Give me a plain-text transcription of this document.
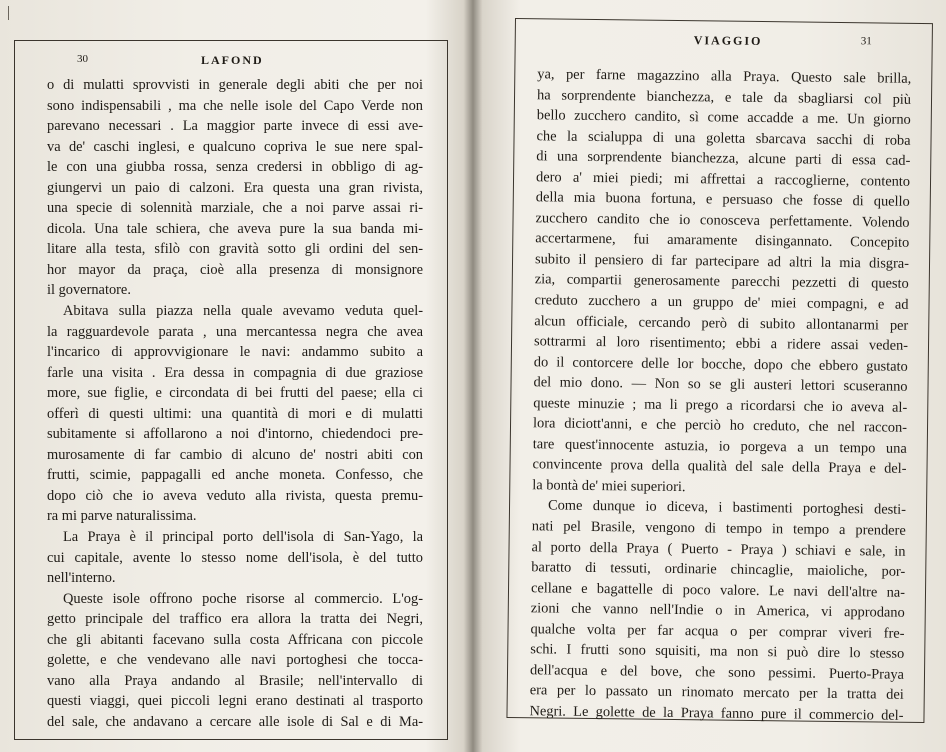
30	LAFOND
o di mulatti sprovvisti in generale degli abiti che per noi
sono indispensabili , ma che nelle isole del Capo Verde non
parevano necessari . La maggior parte invece di essi ave-
va de' caschi inglesi, e qualcuno copriva le sue nere spal-
le con una giubba rossa, senza credersi in obbligo di ag-
giungervi un paio di calzoni. Era questa una gran rivista,
una specie di solennità marziale, che a noi parve assai ri-
dicola. Una tale schiera, che aveva pure la sua banda mi-
litare alla testa, sfilò con gravità sotto gli ordini del sen-
hor mayor da praça, cioè alla presenza di monsignore
il governatore.
Abitava sulla piazza nella quale avevamo veduta quel-
la ragguardevole parata , una mercantessa negra che avea
l'incarico di approvvigionare le navi: andammo subito a
farle una visita . Era dessa in compagnia di due graziose
more, sue figlie, e circondata di bei frutti del paese; ella ci
offerì di questi ultimi: una quantità di mori e di mulatti
subitamente si affollarono a noi d'intorno, chiedendoci pre-
murosamente di far cambio di alcuno de' nostri abiti con
frutti, scimie, pappagalli ed anche moneta. Confesso, che
dopo ciò che io aveva veduto alla rivista, questa premu-
ra mi parve naturalissima.
La Praya è il principal porto dell'isola di San-Yago, la
cui capitale, avente lo stesso nome dell'isola, è del tutto
nell'interno.
Queste isole offrono poche risorse al commercio. L'og-
getto principale del traffico era allora la tratta dei Negri,
che gli abitanti facevano sulla costa Affricana con piccole
golette, e che vendevano alle navi portoghesi che tocca-
vano alla Praya andando al Brasile; nell'intervallo di
questi viaggi, quei piccoli legni erano destinati al trasporto
del sale, che andavano a cercare alle isole di Sal e di Ma-
VIAGGIO	31
ya, per farne magazzino alla Praya. Questo sale brilla,
ha sorprendente bianchezza, e tale da sbagliarsi col più
bello zucchero candito, sì come accadde a me. Un giorno
che la scialuppa di una goletta sbarcava sacchi di roba
di una sorprendente bianchezza, alcune parti di essa cad-
dero a' miei piedi; mi affrettai a raccoglierne, contento
della mia buona fortuna, e persuaso che fosse di quello
zucchero candito che io conosceva perfettamente. Volendo
accertarmene, fui amaramente disingannato. Concepito
subito il pensiero di far partecipare ad altri la mia disgra-
zia, compartii generosamente parecchi pezzetti di questo
creduto zucchero a un gruppo de' miei compagni, e ad
alcun officiale, cercando però di subito allontanarmi per
sottrarmi al loro risentimento; ebbi a ridere assai veden-
do il contorcere delle lor bocche, dopo che ebbero gustato
del mio dono. — Non so se gli austeri lettori scuseranno
queste minuzie ; ma li prego a ricordarsi che io aveva al-
lora diciott'anni, e che perciò ho creduto, che nel raccon-
tare quest'innocente astuzia, io porgeva a un tempo una
convincente prova della qualità del sale della Praya e del-
la bontà de' miei superiori.
Come dunque io diceva, i bastimenti portoghesi desti-
nati pel Brasile, vengono di tempo in tempo a prendere
al porto della Praya ( Puerto - Praya ) schiavi e sale, in
baratto di tessuti, ordinarie chincaglie, maioliche, por-
cellane e bagattelle di poco valore. Le navi dell'altre na-
zioni che vanno nell'Indie o in America, vi approdano
qualche volta per far acqua o per comprar viveri fre-
schi. I frutti sono squisiti, ma non si può dire lo stesso
dell'acqua e del bove, che sono pessimi. Puerto-Praya
era per lo passato un rinomato mercato per la tratta dei
Negri. Le golette de la Praya fanno pure il commercio del-
